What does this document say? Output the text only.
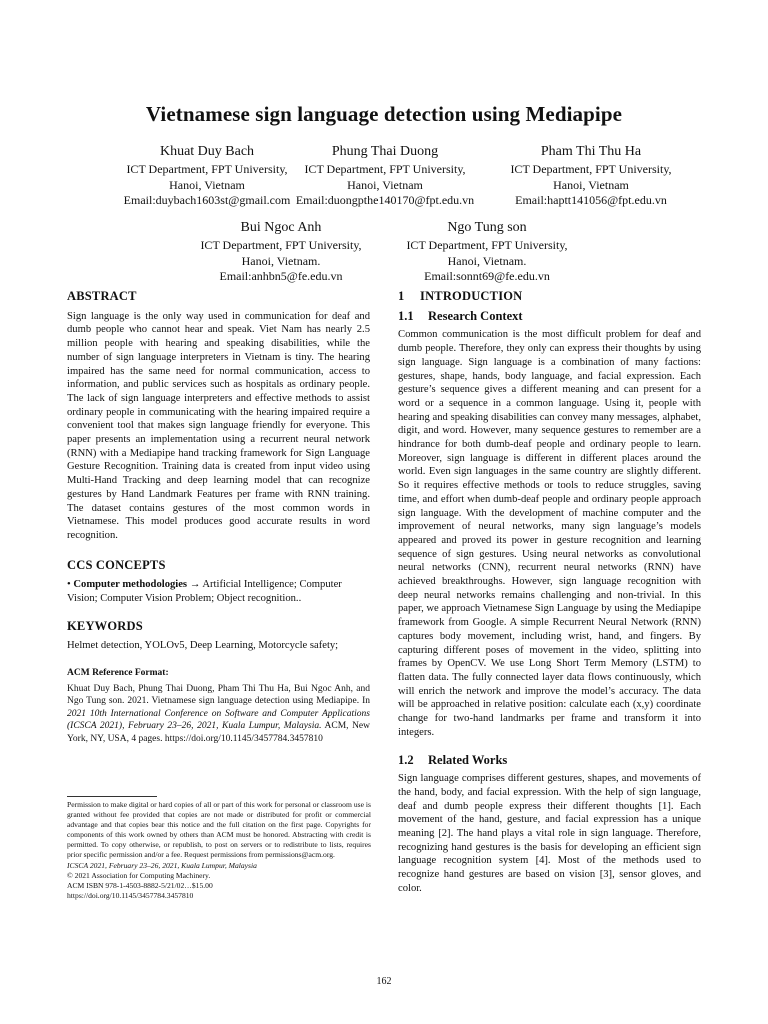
Vietnamese sign language detection using Mediapipe
Khuat Duy Bach
ICT Department, FPT University,
Hanoi, Vietnam
Email:duybach1603st@gmail.com
Phung Thai Duong
ICT Department, FPT University,
Hanoi, Vietnam
Email:duongpthe140170@fpt.edu.vn
Pham Thi Thu Ha
ICT Department, FPT University,
Hanoi, Vietnam
Email:haptt141056@fpt.edu.vn
Bui Ngoc Anh
ICT Department, FPT University,
Hanoi, Vietnam.
Email:anhbn5@fe.edu.vn
Ngo Tung son
ICT Department, FPT University,
Hanoi, Vietnam.
Email:sonnt69@fe.edu.vn
ABSTRACT

Sign language is the only way used in communication for deaf and dumb people who cannot hear and speak. Viet Nam has nearly 2.5 million people with hearing and speaking disabilities, while the number of sign language interpreters in Vietnam is tiny. The hearing impaired has the same need for normal communication, access to information, and public services such as hospitals as ordinary people. The lack of sign language interpreters and effective methods to assist ordinary people in communicating with the hearing impaired require a convenient tool that makes sign language friendly for everyone. This paper presents an implementation using a recurrent neural network (RNN) with a Mediapipe hand tracking framework for Sign Language Gesture Recognition. Training data is created from input video using Multi-Hand Tracking and deep learning model that can recognize gestures by Hand Landmark Features per frame with RNN training. The dataset contains gestures of the most common words in Vietnamese. This model produces good accurate results in word recognition.

CCS CONCEPTS

• Computer methodologies → Artificial Intelligence; Computer Vision; Computer Vision Problem; Object recognition..

KEYWORDS

Helmet detection, YOLOv5, Deep Learning, Motorcycle safety;

ACM Reference Format:

Khuat Duy Bach, Phung Thai Duong, Pham Thi Thu Ha, Bui Ngoc Anh, and Ngo Tung son. 2021. Vietnamese sign language detection using Mediapipe. In 2021 10th International Conference on Software and Computer Applications (ICSCA 2021), February 23–26, 2021, Kuala Lumpur, Malaysia. ACM, New York, NY, USA, 4 pages. https://doi.org/10.1145/3457784.3457810

Permission to make digital or hard copies of all or part of this work for personal or classroom use is granted without fee provided that copies are not made or distributed for profit or commercial advantage and that copies bear this notice and the full citation on the first page. Copyrights for components of this work owned by others than ACM must be honored. Abstracting with credit is permitted. To copy otherwise, or republish, to post on servers or to redistribute to lists, requires prior specific permission and/or a fee. Request permissions from permissions@acm.org.

ICSCA 2021, February 23–26, 2021, Kuala Lumpur, Malaysia

© 2021 Association for Computing Machinery.

ACM ISBN 978-1-4503-8882-5/21/02…$15.00

https://doi.org/10.1145/3457784.3457810

1 INTRODUCTION
1.1 Research Context

Common communication is the most difficult problem for deaf and dumb people. Therefore, they only can express their thoughts by using sign language. Sign language is a combination of many factions: gestures, shape, hands, body language, and facial expression. Each gesture’s sequence gives a different meaning and can present for a word or a sequence in a common language. Using it, people with hearing and speaking disabilities can convey many messages, alphabet, digit, and word. However, many sequence gestures to remember are a hindrance for both dumb-deaf people and ordinary people to learn. Moreover, sign language is different in different places around the world. Even sign languages in the same country are slightly different. So it requires effective methods or tools to reduce struggles, saving time, and effort when dumb-deaf people and ordinary people approach sign language. With the development of machine computer and the improvement of neural networks, many sign language’s models appeared and proved its power in gesture recognition and learning sequence of sign gestures. Using neural networks as convolutional neural networks (CNN), recurrent neural networks (RNN) have achieved breakthroughs. However, sign language recognition with deep neural networks remains challenging and non-trivial. In this paper, we approach Vietnamese Sign Language by using the Mediapipe framework from Google. A simple Recurrent Neural Network (RNN) captures body movement, including wrist, hand, and fingers. By capturing different poses of movement in the video, splitting into frames by OpenCV. We use Long Short Term Memory (LSTM) to flatten data. The fully connected layer data flows continuously, which will enrich the network and improve the model’s accuracy. The data will be approached in relative position: calculate each (x,y) coordinate change for two-hand landmarks per frame and transform it into integers.

1.2 Related Works

Sign language comprises different gestures, shapes, and movements of the hand, body, and facial expression. With the help of sign language, deaf and dumb people express their different thoughts [1]. Each movement of the hand, gesture, and facial expression has a unique meaning [2]. The hand plays a vital role in sign language. Therefore, recognizing hand gestures is the basis for developing an efficient sign language recognition system [4]. Most of the methods used to recognize hand gestures are based on vision [3], sensor gloves, and color.

162
